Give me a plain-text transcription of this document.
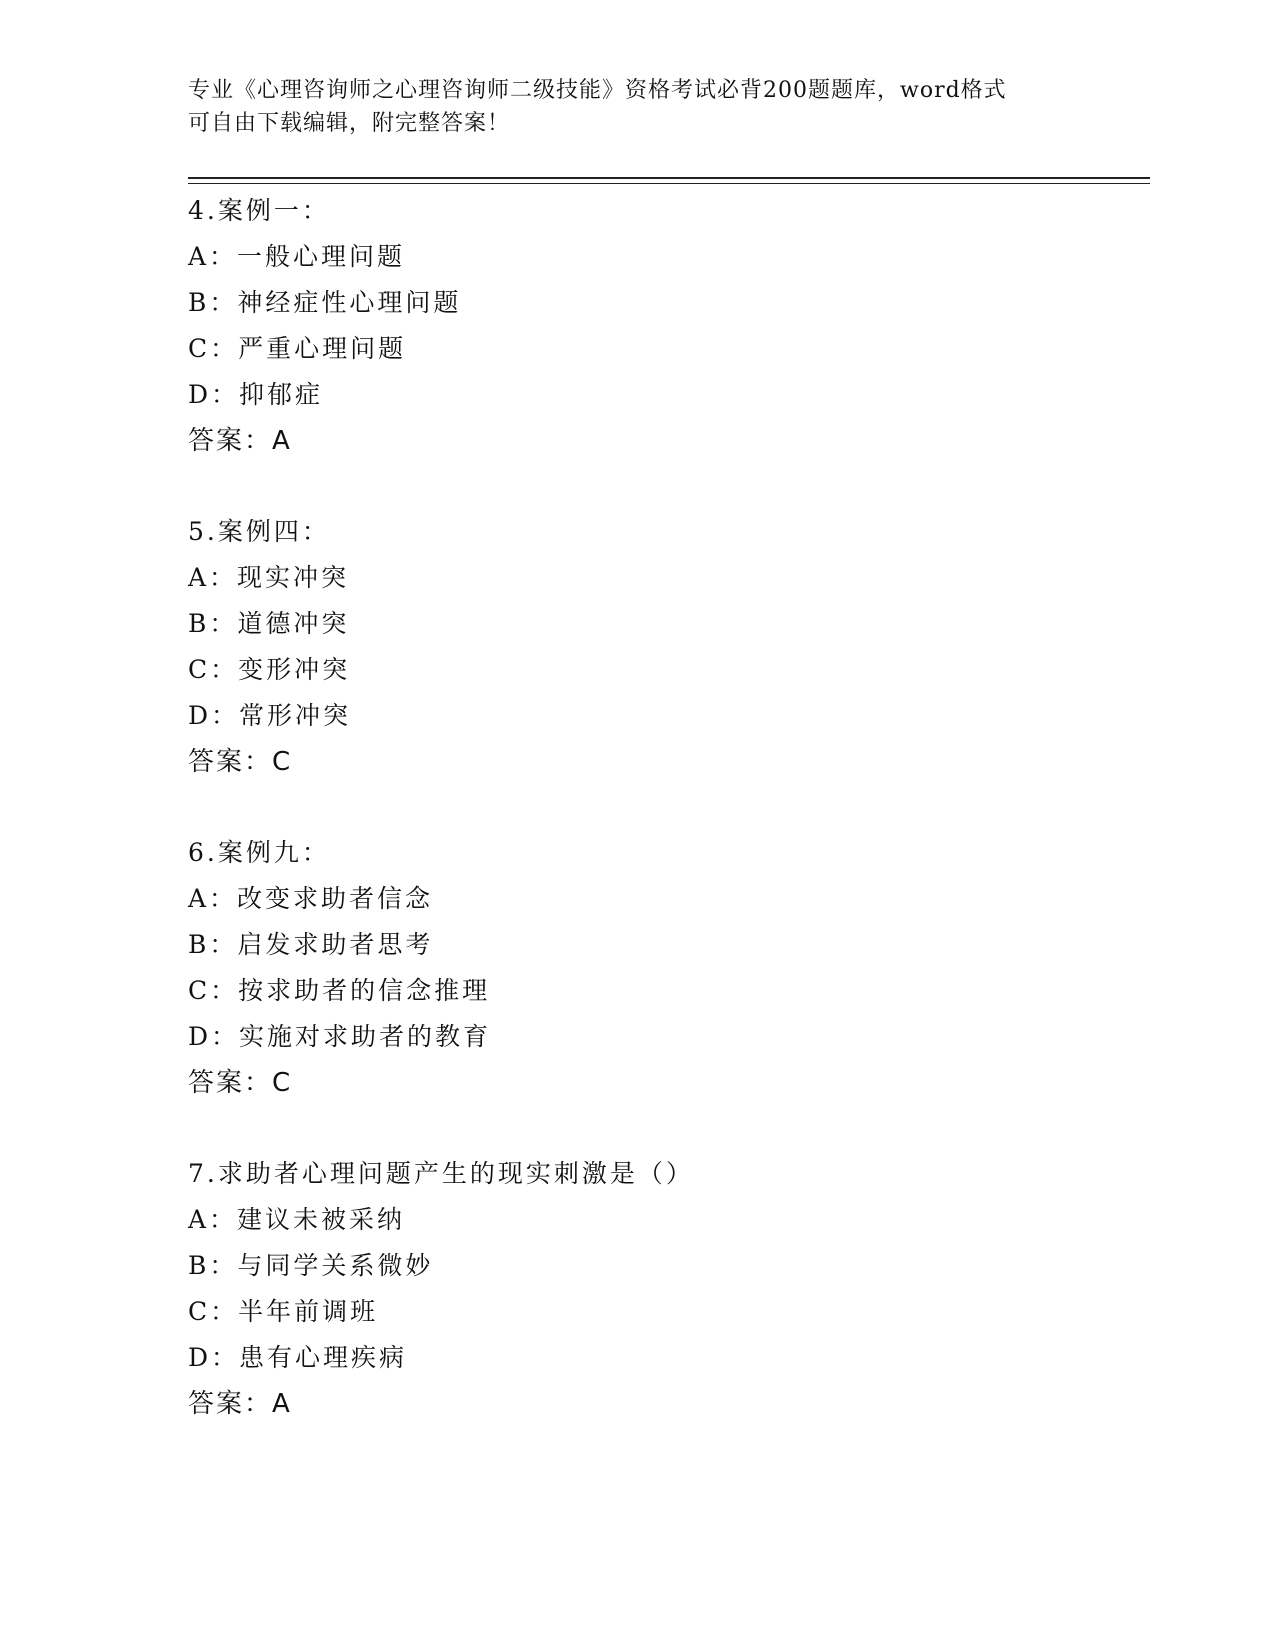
专业《心理咨询师之心理咨询师二级技能》资格考试必背200题题库，word格式
可自由下载编辑，附完整答案！
4.案例一：
A：一般心理问题
B：神经症性心理问题
C：严重心理问题
D：抑郁症
答案：A
5.案例四：
A：现实冲突
B：道德冲突
C：变形冲突
D：常形冲突
答案：C
6.案例九：
A：改变求助者信念
B：启发求助者思考
C：按求助者的信念推理
D：实施对求助者的教育
答案：C
7.求助者心理问题产生的现实刺激是（）
A：建议未被采纳
B：与同学关系微妙
C：半年前调班
D：患有心理疾病
答案：A
